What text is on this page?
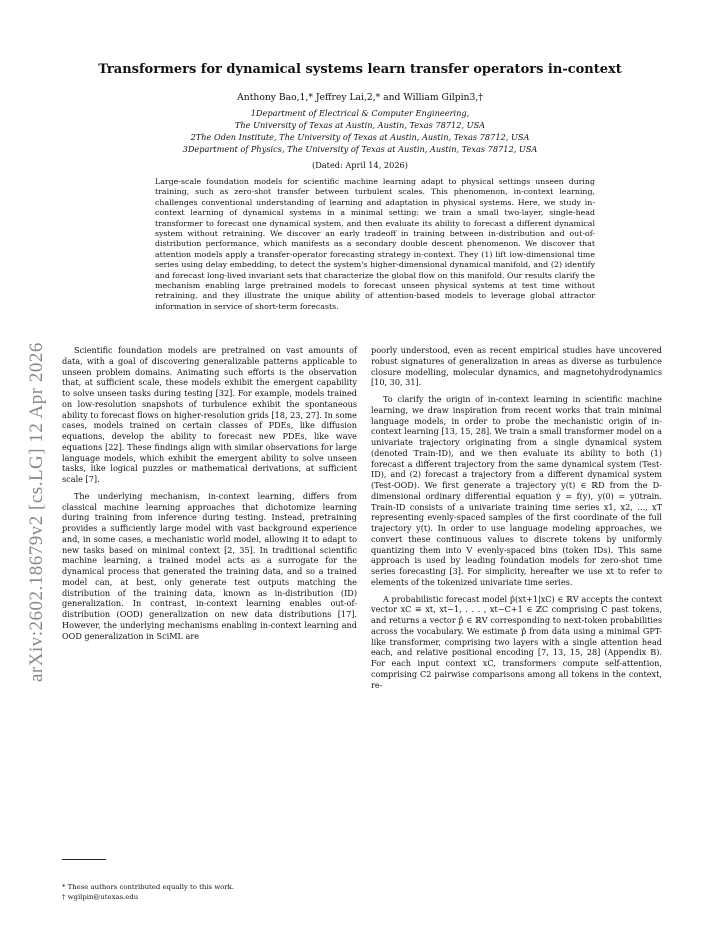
arXiv:2602.18679v2 [cs.LG] 12 Apr 2026
Transformers for dynamical systems learn transfer operators in-context
Anthony Bao,1,* Jeffrey Lai,2,* and William Gilpin3,†
1Department of Electrical & Computer Engineering,
The University of Texas at Austin, Austin, Texas 78712, USA
2The Oden Institute, The University of Texas at Austin, Austin, Texas 78712, USA
3Department of Physics, The University of Texas at Austin, Austin, Texas 78712, USA
(Dated: April 14, 2026)
Large-scale foundation models for scientific machine learning adapt to physical settings unseen during training, such as zero-shot transfer between turbulent scales. This phenomenon, in-context learning, challenges conventional understanding of learning and adaptation in physical systems. Here, we study in-context learning of dynamical systems in a minimal setting: we train a small two-layer, single-head transformer to forecast one dynamical system, and then evaluate its ability to forecast a different dynamical system without retraining. We discover an early tradeoff in training between in-distribution and out-of-distribution performance, which manifests as a secondary double descent phenomenon. We discover that attention models apply a transfer-operator forecasting strategy in-context. They (1) lift low-dimensional time series using delay embedding, to detect the system's higher-dimensional dynamical manifold, and (2) identify and forecast long-lived invariant sets that characterize the global flow on this manifold. Our results clarify the mechanism enabling large pretrained models to forecast unseen physical systems at test time without retraining, and they illustrate the unique ability of attention-based models to leverage global attractor information in service of short-term forecasts.

Scientific foundation models are pretrained on vast amounts of data, with a goal of discovering generalizable patterns applicable to unseen problem domains. Animating such efforts is the observation that, at sufficient scale, these models exhibit the emergent capability to solve unseen tasks during testing [32]. For example, models trained on low-resolution snapshots of turbulence exhibit the spontaneous ability to forecast flows on higher-resolution grids [18, 23, 27]. In some cases, models trained on certain classes of PDEs, like diffusion equations, develop the ability to forecast new PDEs, like wave equations [22]. These findings align with similar observations for large language models, which exhibit the emergent ability to solve unseen tasks, like logical puzzles or mathematical derivations, at sufficient scale [7].

The underlying mechanism, in-context learning, differs from classical machine learning approaches that dichotomize learning during training from inference during testing. Instead, pretraining provides a sufficiently large model with vast background experience and, in some cases, a mechanistic world model, allowing it to adapt to new tasks based on minimal context [2, 35]. In traditional scientific machine learning, a trained model acts as a surrogate for the dynamical process that generated the training data, and so a trained model can, at best, only generate test outputs matching the distribution of the training data, known as in-distribution (ID) generalization. In contrast, in-context learning enables out-of-distribution (OOD) generalization on new data distributions [17]. However, the underlying mechanisms enabling in-context learning and OOD generalization in SciML are

poorly understood, even as recent empirical studies have uncovered robust signatures of generalization in areas as diverse as turbulence closure modelling, molecular dynamics, and magnetohydrodynamics [10, 30, 31].

To clarify the origin of in-context learning in scientific machine learning, we draw inspiration from recent works that train minimal language models, in order to probe the mechanistic origin of in-context learning [13, 15, 28]. We train a small transformer model on a univariate trajectory originating from a single dynamical system (denoted Train-ID), and we then evaluate its ability to both (1) forecast a different trajectory from the same dynamical system (Test-ID), and (2) forecast a trajectory from a different dynamical system (Test-OOD). We first generate a trajectory y(t) ∈ ℝD from the D-dimensional ordinary differential equation ẏ = f(y), y(0) = y0train. Train-ID consists of a univariate training time series x1, x2, ..., xT representing evenly-spaced samples of the first coordinate of the full trajectory y(t). In order to use language modeling approaches, we convert these continuous values to discrete tokens by uniformly quantizing them into V evenly-spaced bins (token IDs). This same approach is used by leading foundation models for zero-shot time series forecasting [3]. For simplicity, hereafter we use xt to refer to elements of the tokenized univariate time series.

A probabilistic forecast model p̂(xt+1|xC) ∈ ℝV accepts the context vector xC ≡ xt, xt−1, . . . , xt−C+1 ∈ ℤC comprising C past tokens, and returns a vector p̂ ∈ ℝV corresponding to next-token probabilities across the vocabulary. We estimate p̂ from data using a minimal GPT-like transformer, comprising two layers with a single attention head each, and relative positional encoding [7, 13, 15, 28] (Appendix B). For each input context xC, transformers compute self-attention, comprising C2 pairwise comparisons among all tokens in the context, re-

* These authors contributed equally to this work.
† wgilpin@utexas.edu
